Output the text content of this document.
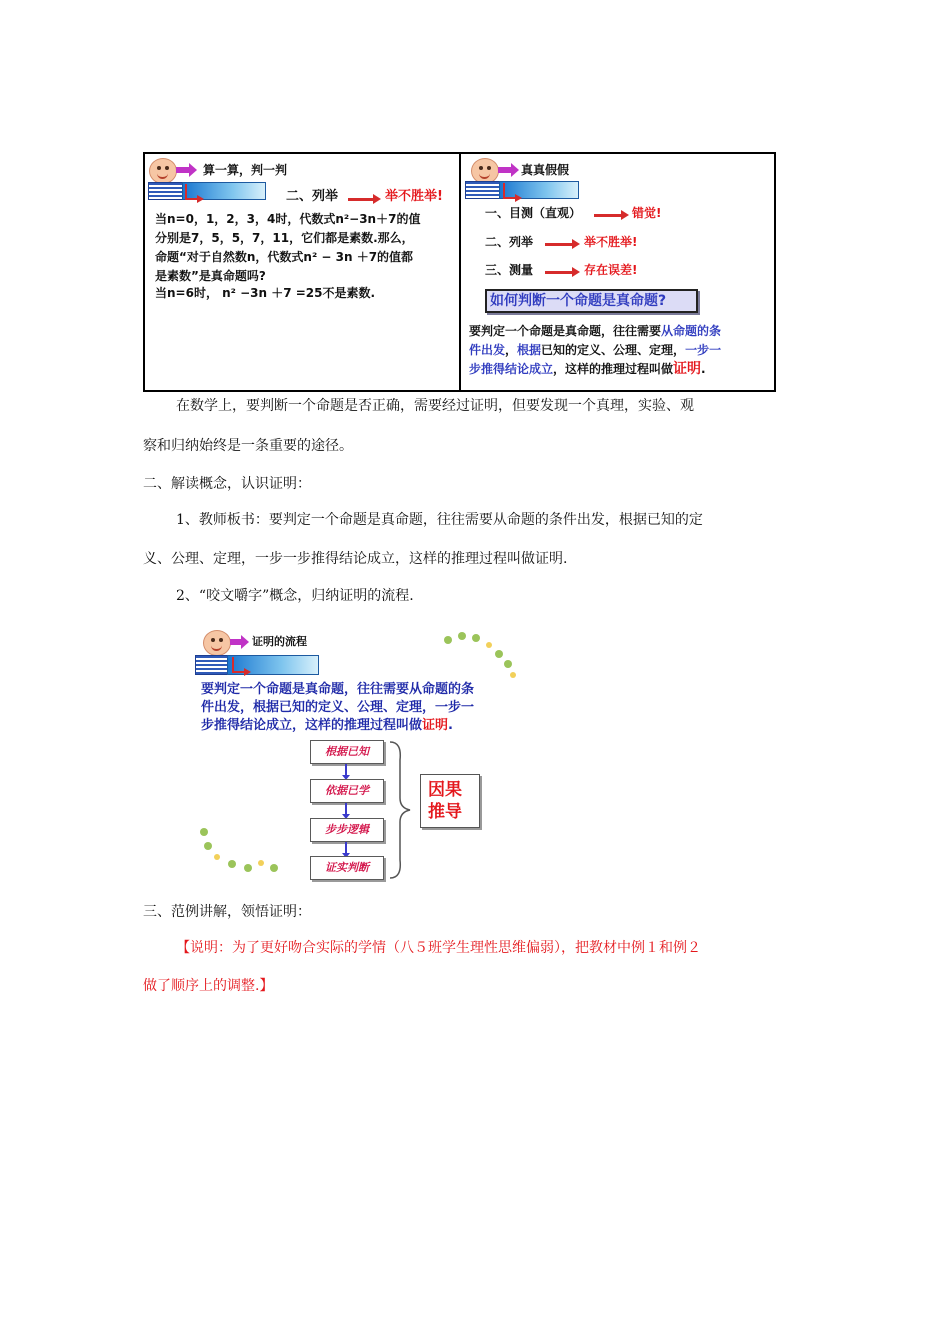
算一算，判一判
二、列举	举不胜举!
当n=0，1，2，3，4时，代数式n²−3n＋7的值
分别是7，5，5，7，11，它们都是素数.那么，
命题“对于自然数n，代数式n² − 3n ＋7的值都
是素数”是真命题吗?
当n=6时， n² −3n ＋7 =25不是素数.
真真假假
一、目测（直观）	错觉!
二、列举	举不胜举!
三、测量	存在误差!
如何判断一个命题是真命题?
要判定一个命题是真命题，往往需要从命题的条
件出发，根据已知的定义、公理、定理，一步一
步推得结论成立，这样的推理过程叫做证明.
在数学上，要判断一个命题是否正确，需要经过证明，但要发现一个真理，实验、观
察和归纳始终是一条重要的途径。
二、解读概念，认识证明：
1、教师板书：要判定一个命题是真命题，往往需要从命题的条件出发，根据已知的定
义、公理、定理，一步一步推得结论成立，这样的推理过程叫做证明.
2、“咬文嚼字”概念，归纳证明的流程.
证明的流程
要判定一个命题是真命题，往往需要从命题的条
件出发，根据已知的定义、公理、定理，一步一
步推得结论成立，这样的推理过程叫做证明.
根据已知
依据已学
步步逻辑
证实判断
因果
推导
三、范例讲解，领悟证明：
【说明：为了更好吻合实际的学情（八５班学生理性思维偏弱），把教材中例１和例２
做了顺序上的调整.】
